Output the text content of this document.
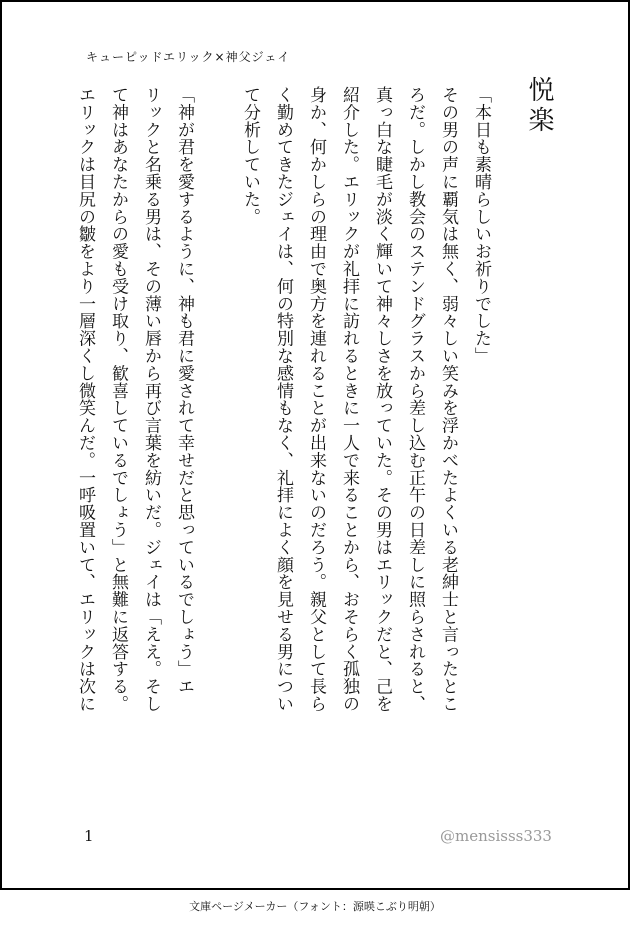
キューピッドエリック×神父ジェイ
悦楽
「本日も素晴らしいお祈りでした」
その男の声に覇気は無く、弱々しい笑みを浮かべたよくいる老紳士と言ったとこ
ろだ。しかし教会のステンドグラスから差し込む正午の日差しに照らされると、
真っ白な睫毛が淡く輝いて神々しさを放っていた。その男はエリックだと、己を
紹介した。エリックが礼拝に訪れるときに一人で来ることから、おそらく孤独の
身か、何かしらの理由で奥方を連れることが出来ないのだろう。親父として長ら
く勤めてきたジェイは、何の特別な感情もなく、礼拝によく顔を見せる男につい
て分析していた。
「神が君を愛するように、神も君に愛されて幸せだと思っているでしょう」エ
リックと名乗る男は、その薄い唇から再び言葉を紡いだ。ジェイは「ええ。そし
て神はあなたからの愛も受け取り、歓喜しているでしょう」と無難に返答する。
エリックは目尻の皺をより一層深くし微笑んだ。一呼吸置いて、エリックは次に
1	@mensisss333
文庫ページメーカー（フォント：源暎こぶり明朝）
